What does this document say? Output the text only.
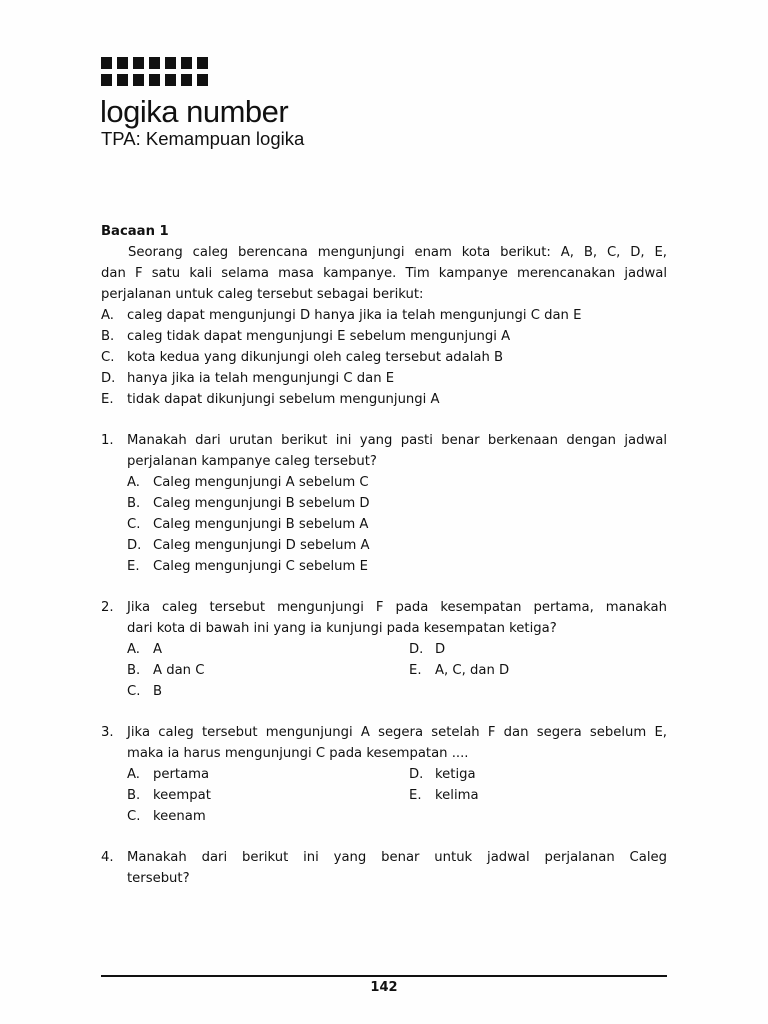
logika number
TPA: Kemampuan logika
Bacaan 1
Seorang caleg berencana mengunjungi enam kota berikut: A, B, C, D, E,
dan F satu kali selama masa kampanye. Tim kampanye merencanakan jadwal
perjalanan untuk caleg tersebut sebagai berikut:
A. caleg dapat mengunjungi D hanya jika ia telah mengunjungi C dan E
B. caleg tidak dapat mengunjungi E sebelum mengunjungi A
C. kota kedua yang dikunjungi oleh caleg tersebut adalah B
D. hanya jika ia telah mengunjungi C dan E
E.	tidak dapat dikunjungi sebelum mengunjungi A
1.	Manakah dari urutan berikut ini yang pasti benar berkenaan dengan jadwal
perjalanan kampanye caleg tersebut?
A. Caleg mengunjungi A sebelum C
B. Caleg mengunjungi B sebelum D
C. Caleg mengunjungi B sebelum A
D. Caleg mengunjungi D sebelum A
E.	Caleg mengunjungi C sebelum E
2.	Jika caleg tersebut mengunjungi F pada kesempatan pertama, manakah
dari kota di bawah ini yang ia kunjungi pada kesempatan ketiga?
A. A
B. A dan C
C. B
D. D
E.	A, C, dan D
3.	Jika caleg tersebut mengunjungi A segera setelah F dan segera sebelum E,
maka ia harus mengunjungi C pada kesempatan ....
A. pertama
B. keempat
C. keenam
D. ketiga
E.	kelima
4.	Manakah dari berikut ini yang benar untuk jadwal perjalanan Caleg
tersebut?
142
